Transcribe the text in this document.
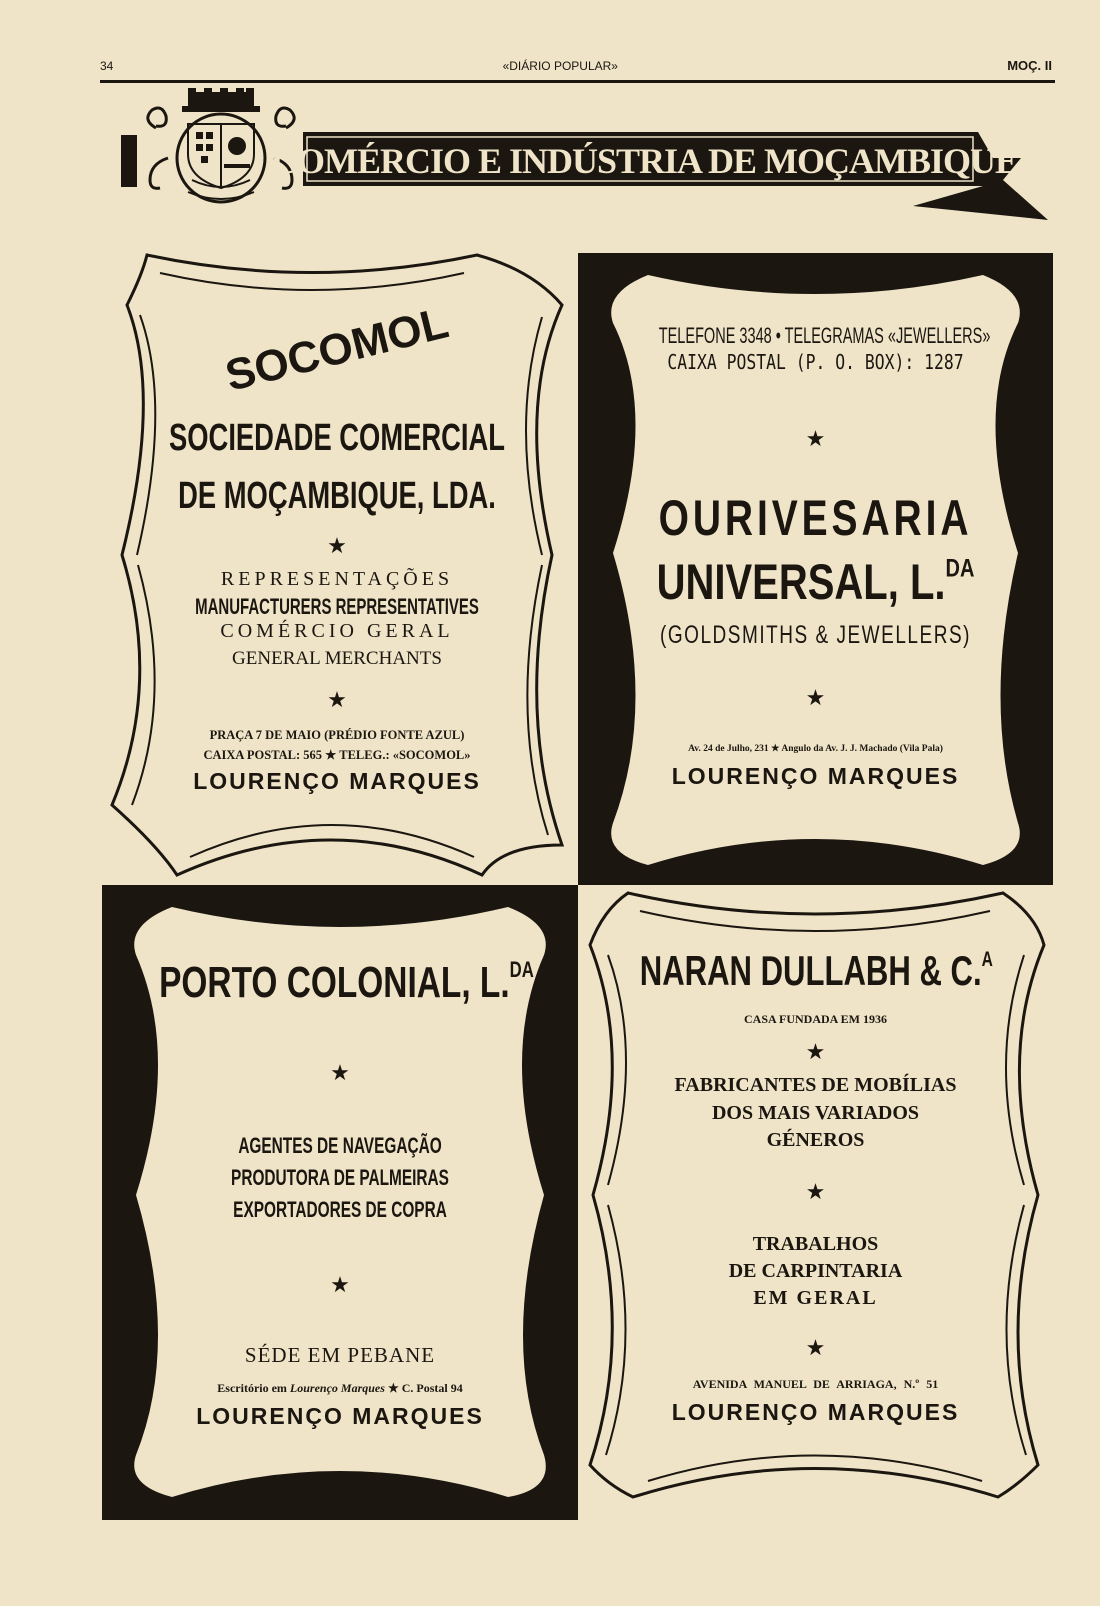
34	«DIÁRIO POPULAR»	MOÇ. II
COMÉRCIO E INDÚSTRIA DE MOÇAMBIQUE
SOCOMOL
SOCIEDADE COMERCIAL
DE MOÇAMBIQUE, LDA.
★
REPRESENTAÇÕES
MANUFACTURERS REPRESENTATIVES
COMÉRCIO GERAL
GENERAL MERCHANTS
★
PRAÇA 7 DE MAIO (PRÉDIO FONTE AZUL)
CAIXA POSTAL: 565 ★ TELEG.: «SOCOMOL»
LOURENÇO MARQUES
TELEFONE 3348 • TELEGRAMAS «JEWELLERS»
CAIXA POSTAL (P. O. BOX): 1287
★
OURIVESARIA
UNIVERSAL, L.$^{DA}$
(GOLDSMITHS & JEWELLERS)
★
Av. 24 de Julho, 231 ★ Angulo da Av. J. J. Machado (Vila Pala)
LOURENÇO MARQUES
PORTO COLONIAL, L.$^{DA}$
★
AGENTES DE NAVEGAÇÃO
PRODUTORA DE PALMEIRAS
EXPORTADORES DE COPRA
★
SÉDE EM PEBANE
Escritório em Lourenço Marques ★ C. Postal 94
LOURENÇO MARQUES
NARAN DULLABH & C.$^A$
CASA FUNDADA EM 1936
★
FABRICANTES DE MOBÍLIAS
DOS MAIS VARIADOS
GÉNEROS
★
TRABALHOS
DE CARPINTARIA
EM GERAL
★
AVENIDA MANUEL DE ARRIAGA, N.º 51
LOURENÇO MARQUES
